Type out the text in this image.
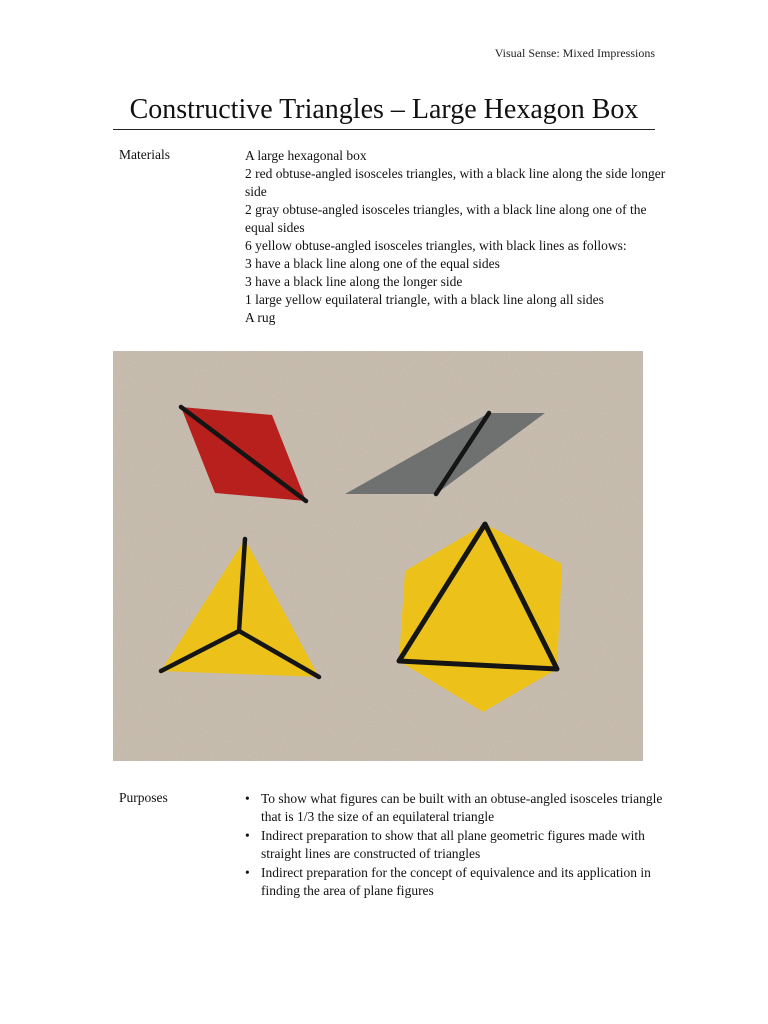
Visual Sense: Mixed Impressions
Constructive Triangles – Large Hexagon Box
Materials	A large hexagonal box
2 red obtuse-angled isosceles triangles, with a black line along the side longer side
2 gray obtuse-angled isosceles triangles, with a black line along one of the equal sides
6 yellow obtuse-angled isosceles triangles, with black lines as follows:
3 have a black line along one of the equal sides
3 have a black line along the longer side
1 large yellow equilateral triangle, with a black line along all sides
A rug
Purposes
•	To show what figures can be built with an obtuse-angled isosceles triangle that is 1/3 the size of an equilateral triangle
• Indirect preparation to show that all plane geometric figures made with straight lines are constructed of triangles
• Indirect preparation for the concept of equivalence and its application in finding the area of plane figures
